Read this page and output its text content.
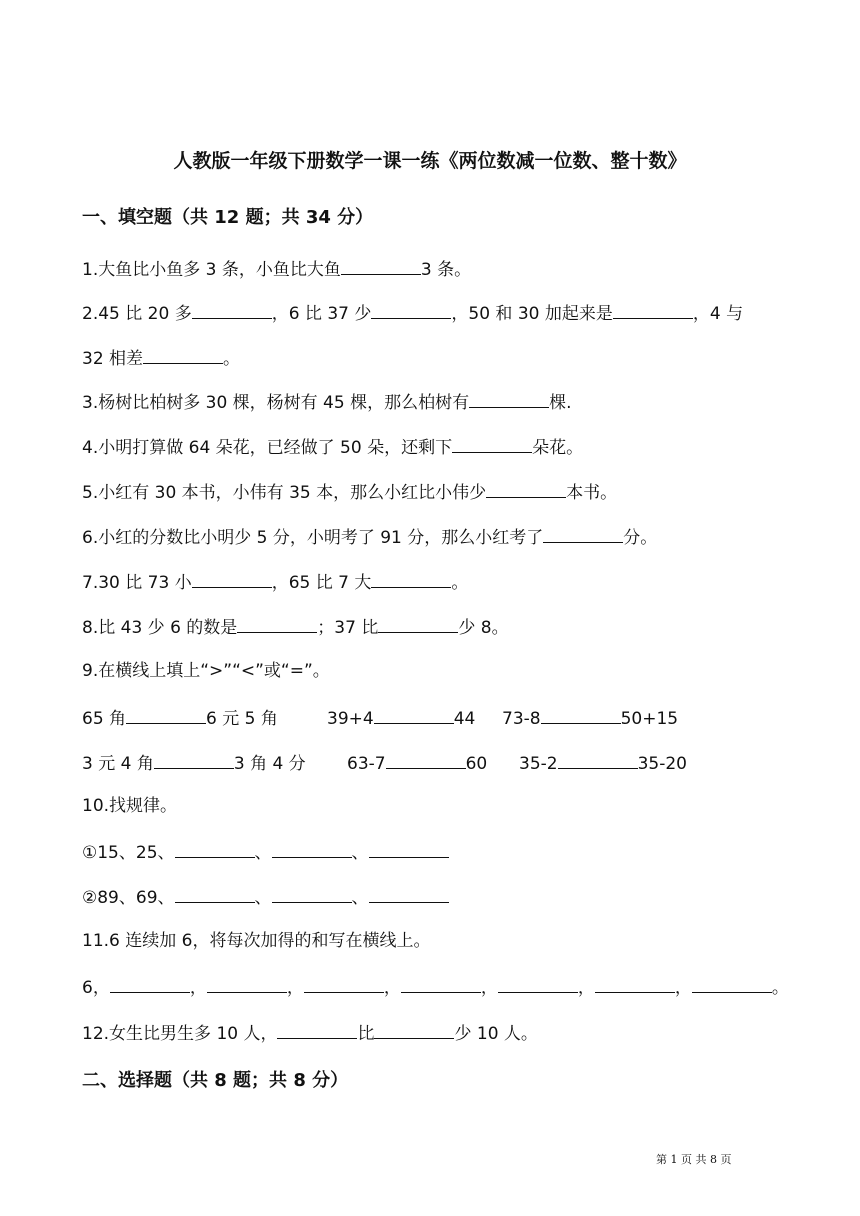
人教版一年级下册数学一课一练《两位数减一位数、整十数》
一、填空题（共 12 题；共 34 分）
1.大鱼比小鱼多 3 条，小鱼比大鱼	3 条。
2.45 比 20 多	，6 比 37 少	，50 和 30 加起来是	，4 与
32 相差	。
3.杨树比柏树多 30 棵，杨树有 45 棵，那么柏树有	棵.
4.小明打算做 64 朵花，已经做了 50 朵，还剩下	朵花。
5.小红有 30 本书，小伟有 35 本，那么小红比小伟少	本书。
6.小红的分数比小明少 5 分，小明考了 91 分，那么小红考了	分。
7.30 比 73 小	，65 比 7 大	。
8.比 43 少 6 的数是	；37 比	少 8。
9.在横线上填上“>”“<”或“=”。
65 角	6 元 5 角	39+4	44 73-8	50+15
3 元 4 角	3 角 4 分 63-7	60 35-2	35-20
10.找规律。
①15、25、	、	、
②89、69、	、	、
11.6 连续加 6，将每次加得的和写在横线上。
6，	，	，	，	，	，	，	。
12.女生比男生多 10 人，	比	少 10 人。
二、选择题（共 8 题；共 8 分）
第 1 页 共 8 页
